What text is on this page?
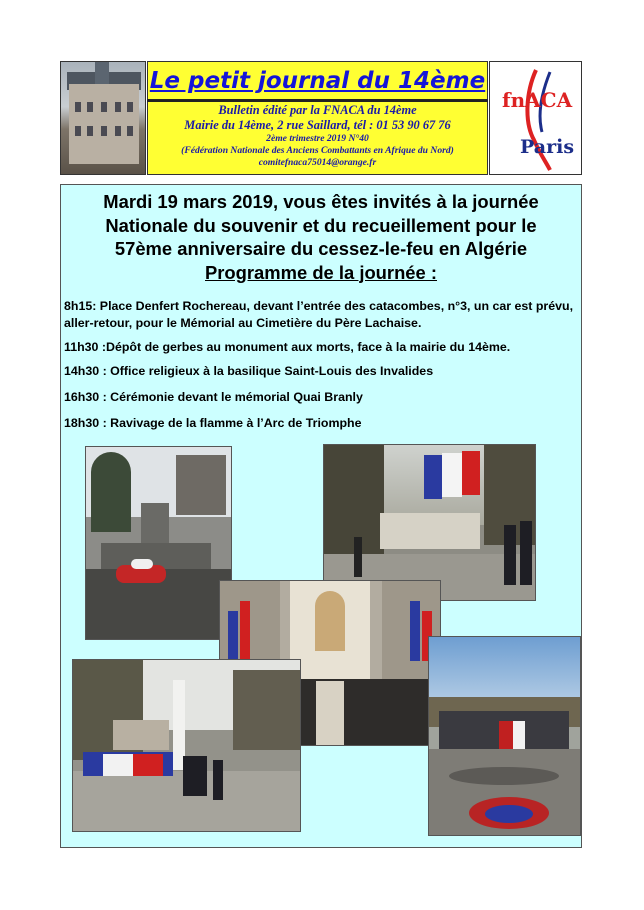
Le petit journal du 14ème
Bulletin édité par la FNACA du 14ème
Mairie du 14ème, 2 rue Saillard, tél : 01 53 90 67 76
2ème trimestre 2019 N°40
(Fédération Nationale des Anciens Combattants en Afrique du Nord)
comitefnaca75014@orange.fr
fnACA
Paris
Mardi 19 mars 2019, vous êtes invités à la journée
Nationale du souvenir et du recueillement pour le
57ème anniversaire du cessez-le-feu en Algérie
Programme de la journée :
8h15: Place Denfert Rochereau, devant l’entrée des catacombes, n°3, un car est prévu, aller-retour, pour le Mémorial au Cimetière du Père Lachaise.
11h30 :Dépôt de gerbes au monument aux morts, face à la mairie du 14ème.
14h30 : Office religieux à la basilique Saint-Louis des Invalides
16h30 : Cérémonie devant le mémorial Quai Branly
18h30 : Ravivage de la flamme à l’Arc de Triomphe
